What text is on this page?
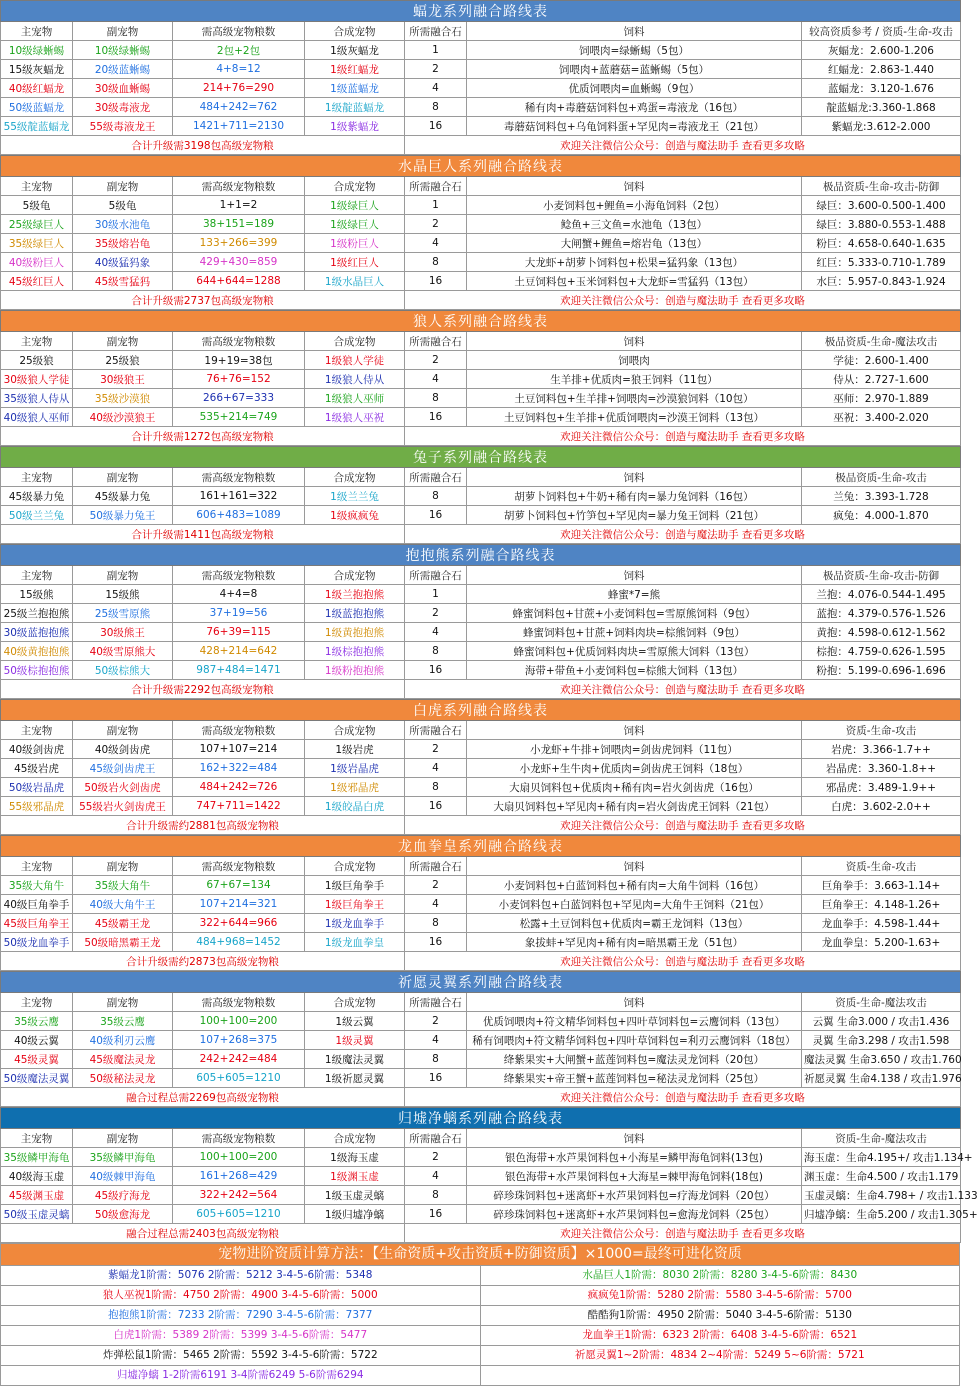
蝠龙系列融合路线表						
主宠物	副宠物	需高级宠物粮数	合成宠物	所需融合石	饲料	较高资质参考 / 资质-生命-攻击
10级绿蜥蜴	10级绿蜥蜴	2包+2包	1级灰蝠龙	1	饲喂肉=绿蜥蜴（5包）	灰蝠龙：2.600-1.206
15级灰蝠龙	20级蓝蜥蜴	4+8=12	1级红蝠龙	2	饲喂肉+蓝蘑菇=蓝蜥蜴（5包）	红蝠龙：2.863-1.440
40级红蝠龙	30级血蜥蜴	214+76=290	1级蓝蝠龙	4	优质饲喂肉=血蜥蜴（9包）	蓝蝠龙：3.120-1.676
50级蓝蝠龙	30级毒液龙	484+242=762	1级靛蓝蝠龙	8	稀有肉+毒蘑菇饲料包+鸡蛋=毒液龙（16包）	靛蓝蝠龙:3.360-1.868
55级靛蓝蝠龙	55级毒液龙王	1421+711=2130	1级紫蝠龙	16	毒蘑菇饲料包+乌龟饲料蛋+罕见肉=毒液龙王（21包）	紫蝠龙:3.612-2.000
合计升级需3198包高级宠物粮				欢迎关注微信公众号：创造与魔法助手 查看更多攻略		
水晶巨人系列融合路线表						
主宠物	副宠物	需高级宠物粮数	合成宠物	所需融合石	饲料	极品资质-生命-攻击-防御
5级龟	5级龟	1+1=2	1级绿巨人	1	小麦饲料包+鲤鱼=小海龟饲料（2包）	绿巨：3.600-0.500-1.400
25级绿巨人	30级水池龟	38+151=189	1级绿巨人	2	鲶鱼+三文鱼=水池龟（13包）	绿巨：3.880-0.553-1.488
35级绿巨人	35级熔岩龟	133+266=399	1级粉巨人	4	大闸蟹+鲤鱼=熔岩龟（13包）	粉巨：4.658-0.640-1.635
40级粉巨人	40级猛犸象	429+430=859	1级红巨人	8	大龙虾+胡萝卜饲料包+松果=猛犸象（13包）	红巨：5.333-0.710-1.789
45级红巨人	45级雪猛犸	644+644=1288	1级水晶巨人	16	土豆饲料包+玉米饲料包+大龙虾=雪猛犸（13包）	水巨：5.957-0.843-1.924
合计升级需2737包高级宠物粮				欢迎关注微信公众号：创造与魔法助手 查看更多攻略		
狼人系列融合路线表						
主宠物	副宠物	需高级宠物粮数	合成宠物	所需融合石	饲料	极品资质-生命-魔法攻击
25级狼	25级狼	19+19=38包	1级狼人学徒	2	饲喂肉	学徒：2.600-1.400
30级狼人学徒	30级狼王	76+76=152	1级狼人侍从	4	生羊排+优质肉=狼王饲料（11包）	侍从：2.727-1.600
35级狼人侍从	35级沙漠狼	266+67=333	1级狼人巫师	8	土豆饲料包+生羊排+饲喂肉=沙漠狼饲料（10包）	巫师：2.970-1.889
40级狼人巫师	40级沙漠狼王	535+214=749	1级狼人巫祝	16	土豆饲料包+生羊排+优质饲喂肉=沙漠王饲料（13包）	巫祝：3.400-2.020
合计升级需1272包高级宠物粮				欢迎关注微信公众号：创造与魔法助手 查看更多攻略		
兔子系列融合路线表						
主宠物	副宠物	需高级宠物粮数	合成宠物	所需融合石	饲料	极品资质-生命-攻击
45级暴力兔	45级暴力兔	161+161=322	1级兰兰兔	8	胡萝卜饲料包+牛奶+稀有肉=暴力兔饲料（16包）	兰兔：3.393-1.728
50级兰兰兔	50级暴力兔王	606+483=1089	1级疯疯兔	16	胡萝卜饲料包+竹笋包+罕见肉=暴力兔王饲料（21包）	疯兔：4.000-1.870
合计升级需1411包高级宠物粮				欢迎关注微信公众号：创造与魔法助手 查看更多攻略		
抱抱熊系列融合路线表						
主宠物	副宠物	需高级宠物粮数	合成宠物	所需融合石	饲料	极品资质-生命-攻击-防御
15级熊	15级熊	4+4=8	1级兰抱抱熊	1	蜂蜜*7=熊	兰抱：4.076-0.544-1.495
25级兰抱抱熊	25级雪原熊	37+19=56	1级蓝抱抱熊	2	蜂蜜饲料包+甘蔗+小麦饲料包=雪原熊饲料（9包）	蓝抱：4.379-0.576-1.526
30级蓝抱抱熊	30级熊王	76+39=115	1级黄抱抱熊	4	蜂蜜饲料包+甘蔗+饲料肉块=棕熊饲料（9包）	黄抱：4.598-0.612-1.562
40级黄抱抱熊	40级雪原熊大	428+214=642	1级棕抱抱熊	8	蜂蜜饲料包+优质饲料肉块=雪原熊大饲料（13包）	棕抱：4.759-0.626-1.595
50级棕抱抱熊	50级棕熊大	987+484=1471	1级粉抱抱熊	16	海带+带鱼+小麦饲料包=棕熊大饲料（13包）	粉抱：5.199-0.696-1.696
合计升级需2292包高级宠物粮				欢迎关注微信公众号：创造与魔法助手 查看更多攻略		
白虎系列融合路线表						
主宠物	副宠物	需高级宠物粮数	合成宠物	所需融合石	饲料	资质-生命-攻击
40级剑齿虎	40级剑齿虎	107+107=214	1级岩虎	2	小龙虾+牛排+饲喂肉=剑齿虎饲料（11包）	岩虎：3.366-1.7++
45级岩虎	45级剑齿虎王	162+322=484	1级岩晶虎	4	小龙虾+生牛肉+优质肉=剑齿虎王饲料（18包）	岩晶虎：3.360-1.8++
50级岩晶虎	50级岩火剑齿虎	484+242=726	1级邪晶虎	8	大扇贝饲料包+优质肉+稀有肉=岩火剑齿虎（16包）	邪晶虎：3.489-1.9++
55级邪晶虎	55级岩火剑齿虎王	747+711=1422	1级皎晶白虎	16	大扇贝饲料包+罕见肉+稀有肉=岩火剑齿虎王饲料（21包）	白虎：3.602-2.0++
合计升级需约2881包高级宠物粮				欢迎关注微信公众号：创造与魔法助手 查看更多攻略		
龙血拳皇系列融合路线表						
主宠物	副宠物	需高级宠物粮数	合成宠物	所需融合石	饲料	资质-生命-攻击
35级大角牛	35级大角牛	67+67=134	1级巨角拳手	2	小麦饲料包+白蓝饲料包+稀有肉=大角牛饲料（16包）	巨角拳手：3.663-1.14+
40级巨角拳手	40级大角牛王	107+214=321	1级巨角拳王	4	小麦饲料包+白蓝饲料包+罕见肉=大角牛王饲料（21包）	巨角拳王：4.148-1.26+
45级巨角拳王	45级霸王龙	322+644=966	1级龙血拳手	8	松露+土豆饲料包+优质肉=霸王龙饲料（13包）	龙血拳手：4.598-1.44+
50级龙血拳手	50级暗黑霸王龙	484+968=1452	1级龙血拳皇	16	象拔蚌+罕见肉+稀有肉=暗黑霸王龙（51包）	龙血拳皇：5.200-1.63+
合计升级需约2873包高级宠物粮				欢迎关注微信公众号：创造与魔法助手 查看更多攻略		
祈愿灵翼系列融合路线表						
主宠物	副宠物	需高级宠物粮数	合成宠物	所需融合石	饲料	资质-生命-魔法攻击
35级云鹰	35级云鹰	100+100=200	1级云翼	2	优质饲喂肉+符文精华饲料包+四叶草饲料包=云鹰饲料（13包）	云翼 生命3.000 / 攻击1.436
40级云翼	40级利刃云鹰	107+268=375	1级灵翼	4	稀有饲喂肉+符文精华饲料包+四叶草饲料包=利刃云鹰饲料（18包）	灵翼 生命3.298 / 攻击1.598
45级灵翼	45级魔法灵龙	242+242=484	1级魔法灵翼	8	绛紫果实+大闸蟹+蓝莲饲料包=魔法灵龙饲料（20包）	魔法灵翼 生命3.650 / 攻击1.760
50级魔法灵翼	50级秘法灵龙	605+605=1210	1级祈愿灵翼	16	绛紫果实+帝王蟹+蓝莲饲料包=秘法灵龙饲料（25包）	祈愿灵翼 生命4.138 / 攻击1.976
融合过程总需2269包高级宠物粮				欢迎关注微信公众号：创造与魔法助手 查看更多攻略		
归墟净螭系列融合路线表						
主宠物	副宠物	需高级宠物粮数	合成宠物	所需融合石	饲料	资质-生命-魔法攻击
35级鳞甲海龟	35级鳞甲海龟	100+100=200	1级海玉虚	2	银色海带+水芦果饲料包+小海星=鳞甲海龟饲料(13包)	海玉虚：生命4.195+/ 攻击1.134+
40级海玉虚	40级棘甲海龟	161+268=429	1级渊玉虚	4	银色海带+水芦果饲料包+大海星=棘甲海龟饲料(18包)	渊玉虚：生命4.500 / 攻击1.179
45级渊玉虚	45级疗海龙	322+242=564	1级玉虚灵螭	8	碎珍珠饲料包+迷离虾+水芦果饲料包=疗海龙饲料（20包）	玉虚灵螭：生命4.798+ / 攻击1.133
50级玉虚灵螭	50级愈海龙	605+605=1210	1级归墟净螭	16	碎珍珠饲料包+迷离虾+水芦果饲料包=愈海龙饲料（25包）	归墟净螭：生命5.200 / 攻击1.305+
融合过程总需2403包高级宠物粮				欢迎关注微信公众号：创造与魔法助手 查看更多攻略		
宠物进阶资质计算方法：【生命资质+攻击资质+防御资质】×1000=最终可进化资质
紫蝠龙1阶需：5076 2阶需：5212 3-4-5-6阶需：5348	水晶巨人1阶需：8030 2阶需：8280 3-4-5-6阶需：8430
狼人巫祝1阶需：4750 2阶需：4900 3-4-5-6阶需：5000	疯疯兔1阶需：5280 2阶需：5580 3-4-5-6阶需：5700
抱抱熊1阶需：7233 2阶需：7290 3-4-5-6阶需：7377	酷酷狗1阶需：4950 2阶需：5040 3-4-5-6阶需：5130
白虎1阶需：5389 2阶需：5399 3-4-5-6阶需：5477	龙血拳王1阶需：6323 2阶需：6408 3-4-5-6阶需：6521
炸弹松鼠1阶需：5465 2阶需：5592 3-4-5-6阶需：5722	祈愿灵翼1~2阶需：4834 2~4阶需：5249 5~6阶需：5721
归墟净螭 1-2阶需6191 3-4阶需6249 5-6阶需6294
